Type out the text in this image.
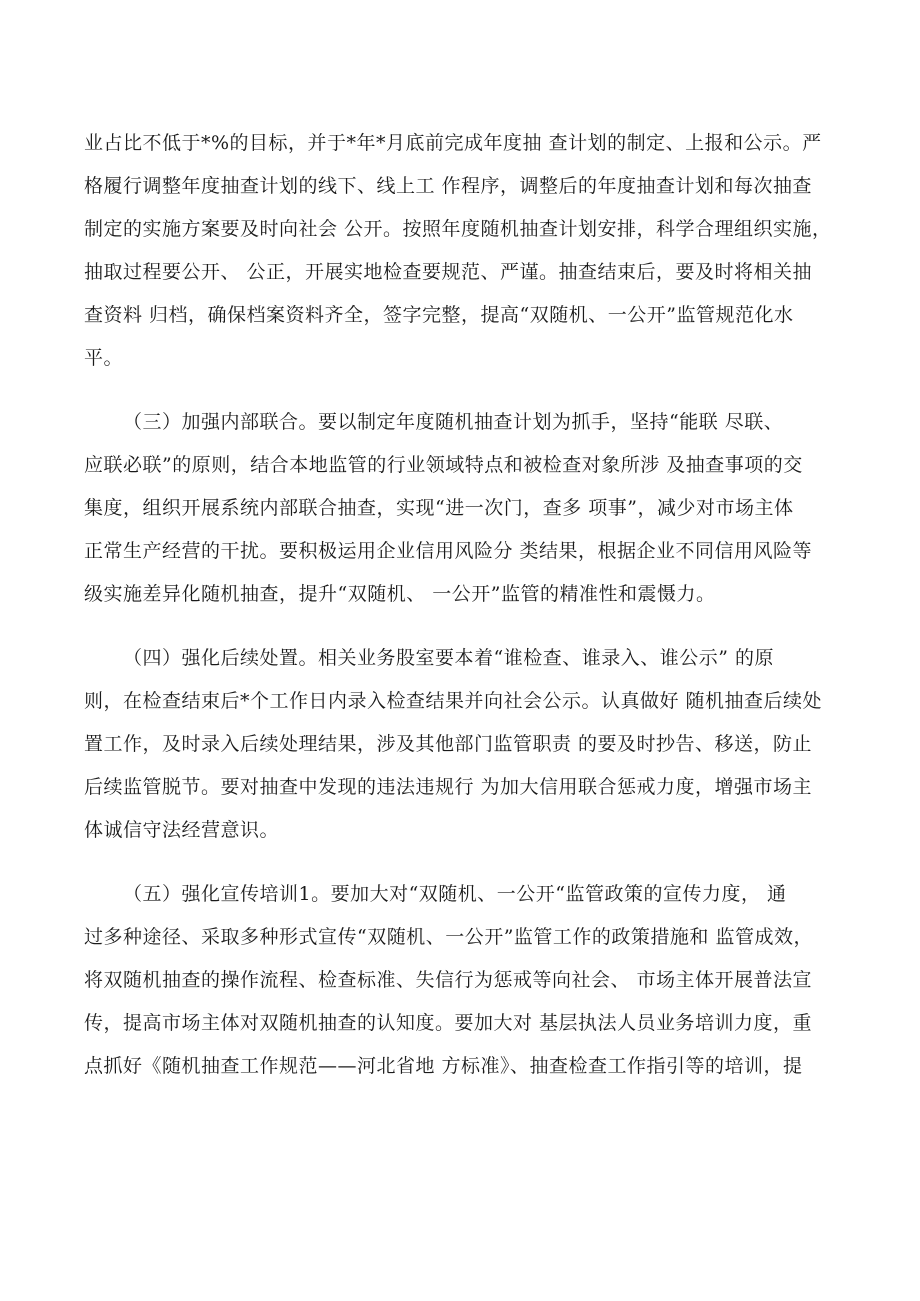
业占比不低于*%的目标，并于*年*月底前完成年度抽 查计划的制定、上报和公示。严
格履行调整年度抽查计划的线下、线上工 作程序，调整后的年度抽查计划和每次抽查
制定的实施方案要及时向社会 公开。按照年度随机抽查计划安排，科学合理组织实施，
抽取过程要公开、 公正，开展实地检查要规范、严谨。抽查结束后，要及时将相关抽
查资料 归档，确保档案资料齐全，签字完整，提高“双随机、一公开”监管规范化水
平。
（三）加强内部联合。要以制定年度随机抽查计划为抓手，坚持“能联 尽联、
应联必联”的原则，结合本地监管的行业领域特点和被检查对象所涉 及抽查事项的交
集度，组织开展系统内部联合抽查，实现“进一次门，查多 项事”，减少对市场主体
正常生产经营的干扰。要积极运用企业信用风险分 类结果，根据企业不同信用风险等
级实施差异化随机抽查，提升“双随机、 一公开”监管的精准性和震慑力。
（四）强化后续处置。相关业务股室要本着“谁检查、谁录入、谁公示” 的原
则，在检查结束后*个工作日内录入检查结果并向社会公示。认真做好 随机抽查后续处
置工作，及时录入后续处理结果，涉及其他部门监管职责 的要及时抄告、移送，防止
后续监管脱节。要对抽查中发现的违法违规行 为加大信用联合惩戒力度，增强市场主
体诚信守法经营意识。
（五）强化宣传培训1。要加大对“双随机、一公开“监管政策的宣传力度， 通
过多种途径、采取多种形式宣传“双随机、一公开”监管工作的政策措施和 监管成效，
将双随机抽查的操作流程、检查标准、失信行为惩戒等向社会、 市场主体开展普法宣
传，提高市场主体对双随机抽查的认知度。要加大对 基层执法人员业务培训力度，重
点抓好《随机抽查工作规范——河北省地 方标准》、抽查检查工作指引等的培训，提
